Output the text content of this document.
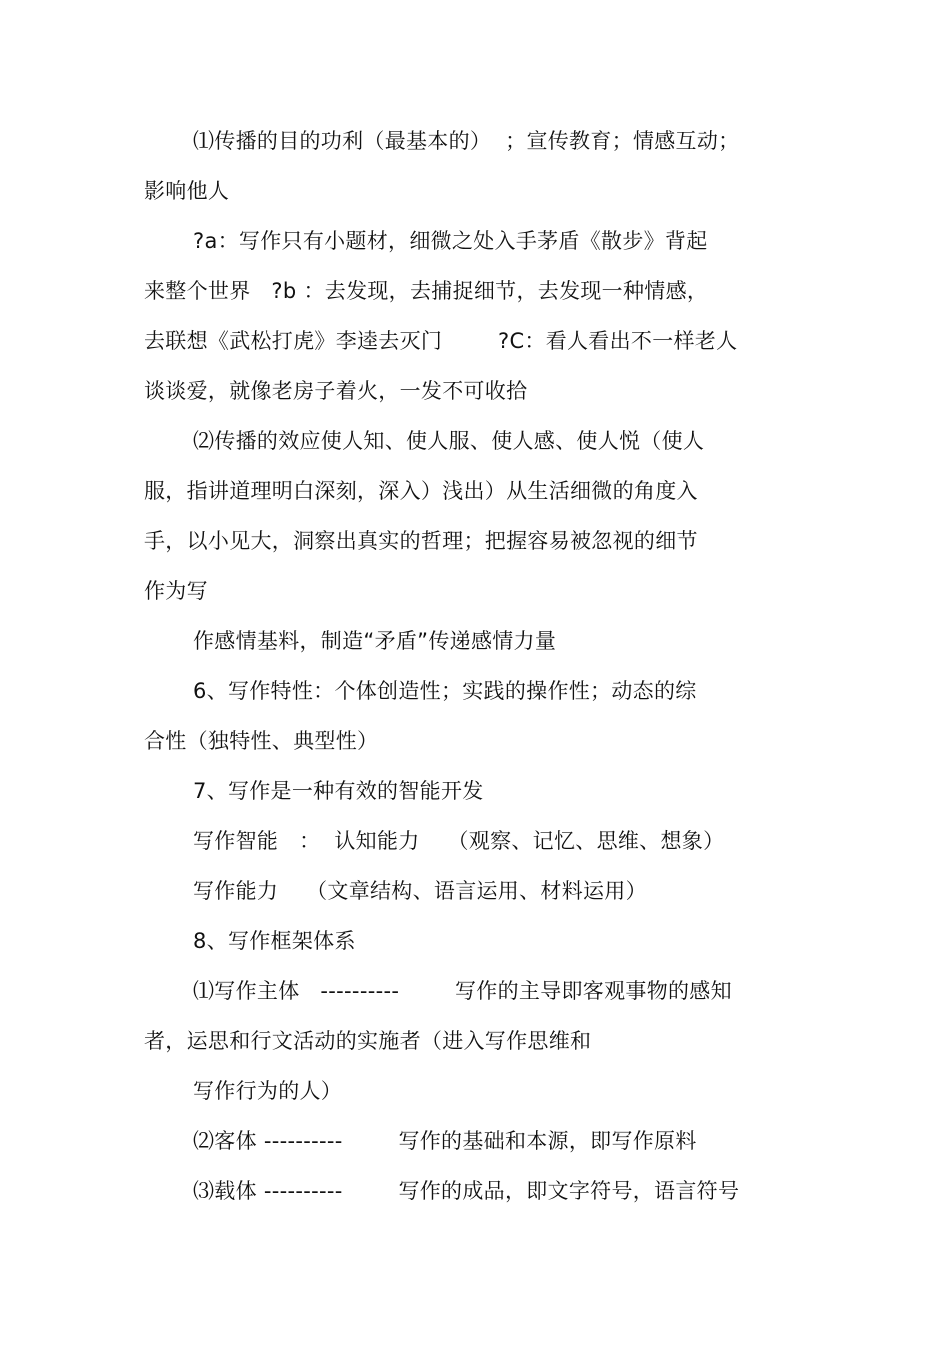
⑴传播的目的功利（最基本的）  ；宣传教育；情感互动；
影响他人
?a：写作只有小题材，细微之处入手茅盾《散步》背起
来整个世界   ?b ：去发现，去捕捉细节，去发现一种情感，
去联想《武松打虎》李逵去灭门        ?C：看人看出不一样老人
谈谈爱，就像老房子着火，一发不可收拾
⑵传播的效应使人知、使人服、使人感、使人悦（使人
服，指讲道理明白深刻，深入）浅出）从生活细微的角度入
手，以小见大，洞察出真实的哲理；把握容易被忽视的细节
作为写
作感情基料，制造“矛盾”传递感情力量
6、写作特性：个体创造性；实践的操作性；动态的综
合性（独特性、典型性）
7、写作是一种有效的智能开发
写作智能   ：  认知能力    （观察、记忆、思维、想象）
写作能力    （文章结构、语言运用、材料运用）
8、写作框架体系
⑴写作主体   ----------        写作的主导即客观事物的感知
者，运思和行文活动的实施者（进入写作思维和
写作行为的人）
⑵客体 ----------        写作的基础和本源，即写作原料
⑶载体 ----------        写作的成品，即文字符号，语言符号
